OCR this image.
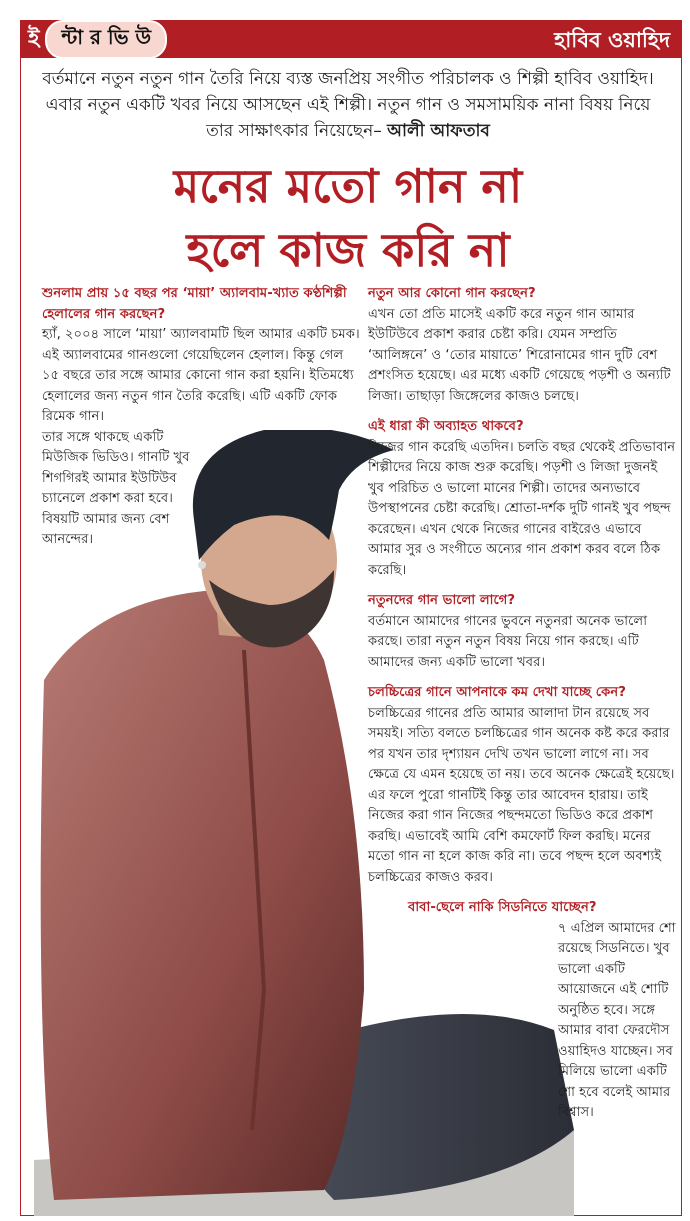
ই	ন্টা র ভি উ	হাবিব ওয়াহিদ
বর্তমানে নতুন নতুন গান তৈরি নিয়ে ব্যস্ত জনপ্রিয় সংগীত পরিচালক ও শিল্পী হাবিব ওয়াহিদ। এবার নতুন একটি খবর নিয়ে আসছেন এই শিল্পী। নতুন গান ও সমসাময়িক নানা বিষয় নিয়ে তার সাক্ষাৎকার নিয়েছেন– আলী আফতাব
মনের মতো গান না
হলে কাজ করি না
শুনলাম প্রায় ১৫ বছর পর ‘মায়া’ অ্যালবাম-খ্যাত কণ্ঠশিল্পী হেলালের গান করছেন?
হ্যাঁ, ২০০৪ সালে ‘মায়া’ অ্যালবামটি ছিল আমার একটি চমক। এই অ্যালবামের গানগুলো গেয়েছিলেন হেলাল। কিন্তু গেল ১৫ বছরে তার সঙ্গে আমার কোনো গান করা হয়নি। ইতিমধ্যে হেলালের জন্য নতুন গান তৈরি করেছি। এটি একটি ফোক রিমেক গান।
তার সঙ্গে থাকছে একটি মিউজিক ভিডিও। গানটি খুব শিগগিরই আমার ইউটিউব চ্যানেলে প্রকাশ করা হবে। বিষয়টি আমার জন্য বেশ আনন্দের।
নতুন আর কোনো গান করছেন?
এখন তো প্রতি মাসেই একটি করে নতুন গান আমার ইউটিউবে প্রকাশ করার চেষ্টা করি। যেমন সম্প্রতি ‘আলিঙ্গনে’ ও ‘তোর মায়াতে’ শিরোনামের গান দুটি বেশ প্রশংসিত হয়েছে। এর মধ্যে একটি গেয়েছে পড়শী ও অন্যটি লিজা। তাছাড়া জিঙ্গেলের কাজও চলছে।
এই ধারা কী অব্যাহত থাকবে?
নিজের গান করেছি এতদিন। চলতি বছর থেকেই প্রতিভাবান শিল্পীদের নিয়ে কাজ শুরু করেছি। পড়শী ও লিজা দুজনই খুব পরিচিত ও ভালো মানের শিল্পী। তাদের অন্যভাবে উপস্থাপনের চেষ্টা করেছি। শ্রোতা-দর্শক দুটি গানই খুব পছন্দ করেছেন। এখন থেকে নিজের গানের বাইরেও এভাবে আমার সুর ও সংগীতে অন্যের গান প্রকাশ করব বলে ঠিক করেছি।
নতুনদের গান ভালো লাগে?
বর্তমানে আমাদের গানের ভুবনে নতুনরা অনেক ভালো করছে। তারা নতুন নতুন বিষয় নিয়ে গান করছে। এটি আমাদের জন্য একটি ভালো খবর।
চলচ্চিত্রের গানে আপনাকে কম দেখা যাচ্ছে কেন?
চলচ্চিত্রের গানের প্রতি আমার আলাদা টান রয়েছে সব সময়ই। সত্যি বলতে চলচ্চিত্রের গান অনেক কষ্ট করে করার পর যখন তার দৃশ্যায়ন দেখি তখন ভালো লাগে না। সব ক্ষেত্রে যে এমন হয়েছে তা নয়। তবে অনেক ক্ষেত্রেই হয়েছে। এর ফলে পুরো গানটিই কিন্তু তার আবেদন হারায়। তাই নিজের করা গান নিজের পছন্দমতো ভিডিও করে প্রকাশ করছি। এভাবেই আমি বেশি কমফোর্ট ফিল করছি। মনের মতো গান না হলে কাজ করি না। তবে পছন্দ হলে অবশ্যই চলচ্চিত্রের কাজও করব।
বাবা-ছেলে নাকি সিডনিতে যাচ্ছেন?
৭ এপ্রিল আমাদের শো রয়েছে সিডনিতে। খুব ভালো একটি আয়োজনে এই শোটি অনুষ্ঠিত হবে। সঙ্গে আমার বাবা ফেরদৌস ওয়াহিদও যাচ্ছেন। সব মিলিয়ে ভালো একটি শো হবে বলেই আমার বিশ্বাস।
